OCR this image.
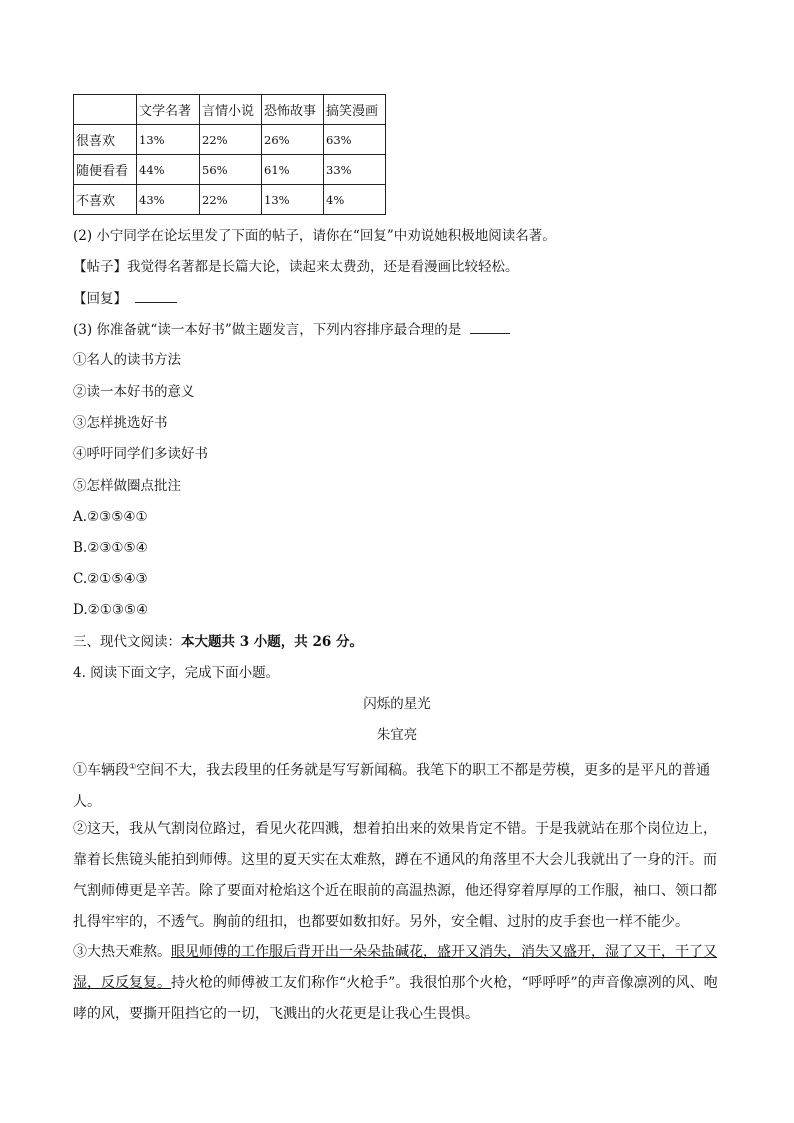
	文学名著	言情小说	恐怖故事	搞笑漫画
很喜欢	13%	22%	26%	63%
随便看看	44%	56%	61%	33%
不喜欢	43%	22%	13%	4%
(2) 小宁同学在论坛里发了下面的帖子，请你在“回复”中劝说她积极地阅读名著。
【帖子】我觉得名著都是长篇大论，读起来太费劲，还是看漫画比较轻松。
【回复】
(3) 你准备就“读一本好书”做主题发言，下列内容排序最合理的是
①名人的读书方法
②读一本好书的意义
③怎样挑选好书
④呼吁同学们多读好书
⑤怎样做圈点批注
A.②③⑤④①
B.②③①⑤④
C.②①⑤④③
D.②①③⑤④
三、现代文阅读：本大题共 3 小题，共 26 分。
4. 阅读下面文字，完成下面小题。
闪烁的星光
朱宜亮
①车辆段①空间不大，我去段里的任务就是写写新闻稿。我笔下的职工不都是劳模，更多的是平凡的普通人。
②这天，我从气割岗位路过，看见火花四溅，想着拍出来的效果肯定不错。于是我就站在那个岗位边上，靠着长焦镜头能拍到师傅。这里的夏天实在太难熬，蹲在不通风的角落里不大会儿我就出了一身的汗。而气割师傅更是辛苦。除了要面对枪焰这个近在眼前的高温热源，他还得穿着厚厚的工作服，袖口、领口都扎得牢牢的，不透气。胸前的纽扣，也都要如数扣好。另外，安全帽、过肘的皮手套也一样不能少。
③大热天难熬。眼见师傅的工作服后背开出一朵朵盐碱花，盛开又消失，消失又盛开，湿了又干，干了又湿，反反复复。持火枪的师傅被工友们称作“火枪手”。我很怕那个火枪，“呼呼呼”的声音像凛冽的风、咆哮的风，要撕开阻挡它的一切，飞溅出的火花更是让我心生畏惧。
